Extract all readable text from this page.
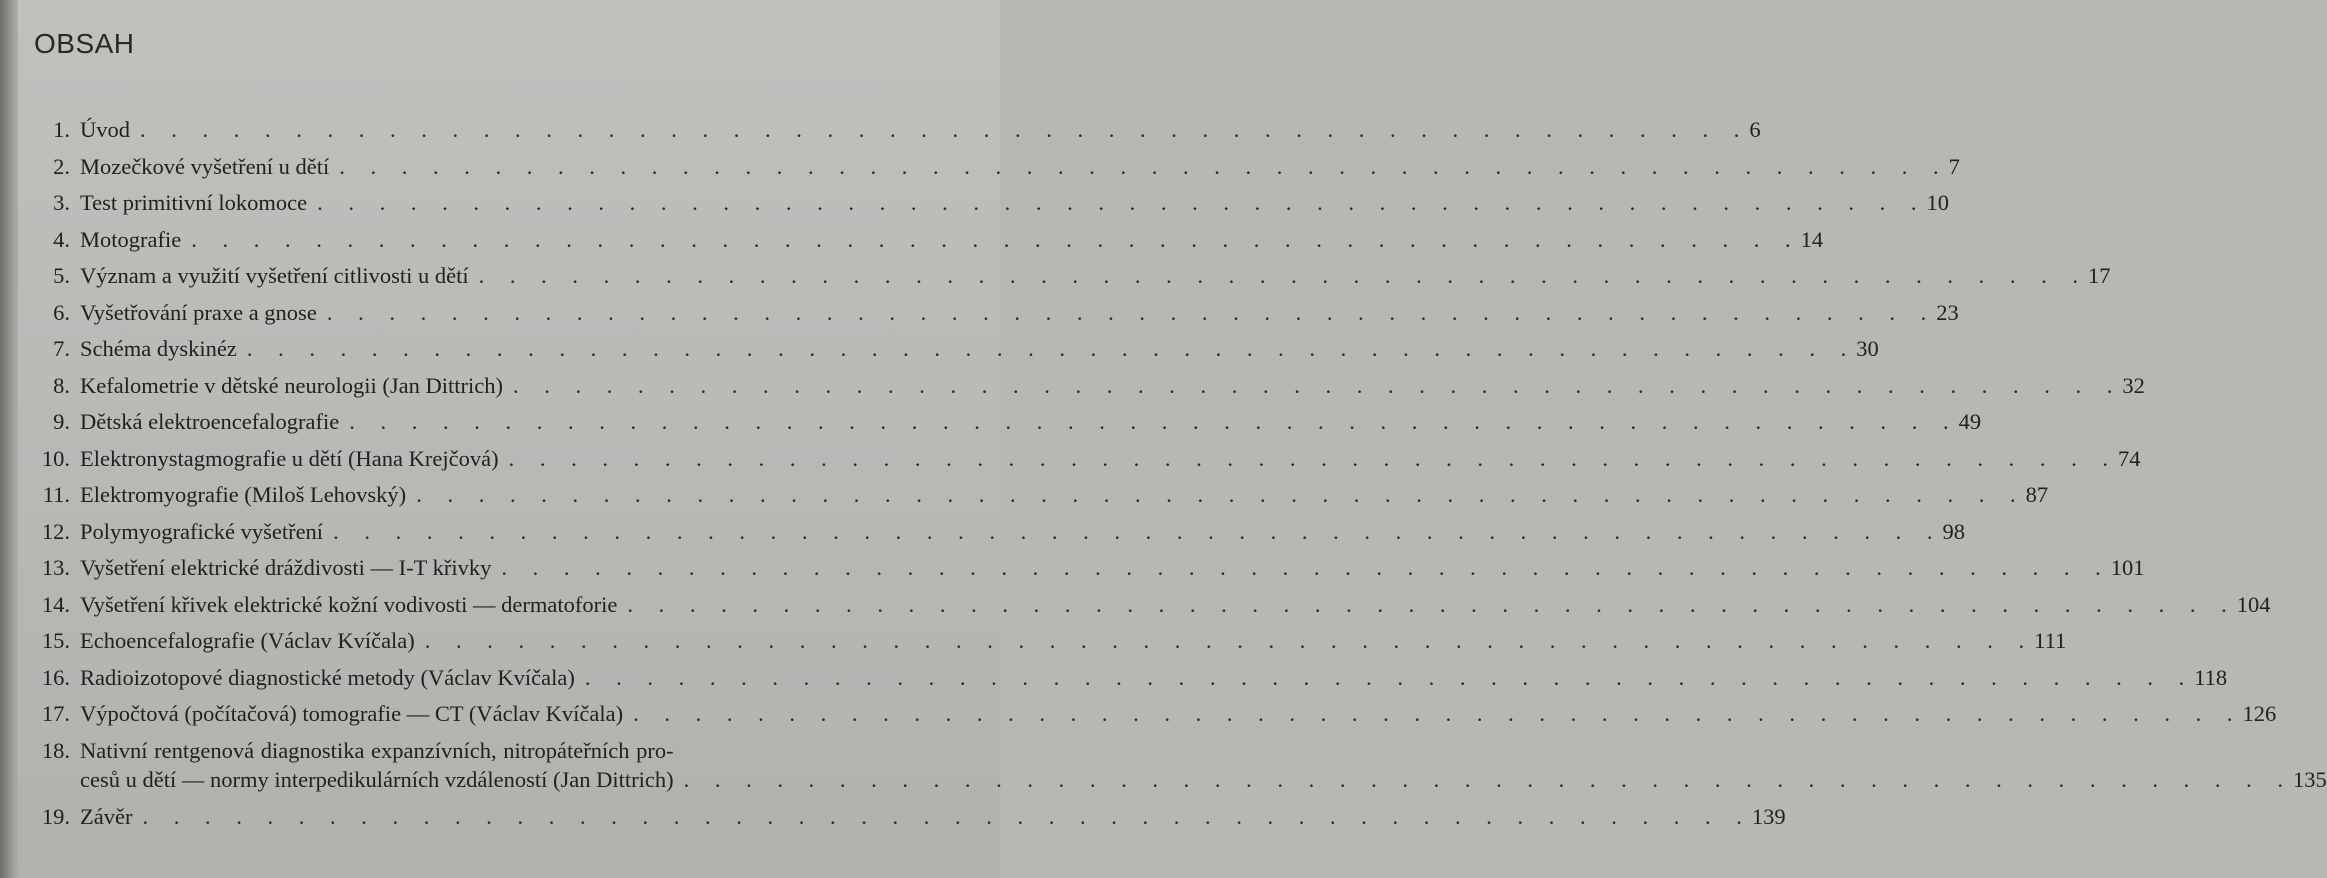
OBSAH
1. Úvod . . . . . . . . . . . . . . . . . . . . . . . . . . . . . . . . . . . . . . . . . . . . . . . . . . . . 6
2. Mozečkové vyšetření u dětí . . . . . . . . . . . . . . . . . . . . . . . . . . . . . . . . . . . . . . . . . . . . . . . . . . . . 7
3. Test primitivní lokomoce . . . . . . . . . . . . . . . . . . . . . . . . . . . . . . . . . . . . . . . . . . . . . . . . . . . . 10
4. Motografie . . . . . . . . . . . . . . . . . . . . . . . . . . . . . . . . . . . . . . . . . . . . . . . . . . . . 14
5. Význam a využití vyšetření citlivosti u dětí . . . . . . . . . . . . . . . . . . . . . . . . . . . . . . . . . . . . . . . . . . . . . . . . . . . . 17
6. Vyšetřování praxe a gnose . . . . . . . . . . . . . . . . . . . . . . . . . . . . . . . . . . . . . . . . . . . . . . . . . . . . 23
7. Schéma dyskinéz . . . . . . . . . . . . . . . . . . . . . . . . . . . . . . . . . . . . . . . . . . . . . . . . . . . . 30
8. Kefalometrie v dětské neurologii (Jan Dittrich) . . . . . . . . . . . . . . . . . . . . . . . . . . . . . . . . . . . . . . . . . . . . . . . . . . . . 32
9. Dětská elektroencefalografie . . . . . . . . . . . . . . . . . . . . . . . . . . . . . . . . . . . . . . . . . . . . . . . . . . . . 49
10. Elektronystagmografie u dětí (Hana Krejčová) . . . . . . . . . . . . . . . . . . . . . . . . . . . . . . . . . . . . . . . . . . . . . . . . . . . . 74
11. Elektromyografie (Miloš Lehovský) . . . . . . . . . . . . . . . . . . . . . . . . . . . . . . . . . . . . . . . . . . . . . . . . . . . . 87
12. Polymyografické vyšetření . . . . . . . . . . . . . . . . . . . . . . . . . . . . . . . . . . . . . . . . . . . . . . . . . . . . 98
13. Vyšetření elektrické dráždivosti — I-T křivky . . . . . . . . . . . . . . . . . . . . . . . . . . . . . . . . . . . . . . . . . . . . . . . . . . . . 101
14. Vyšetření křivek elektrické kožní vodivosti — dermatoforie . . . . . . . . . . . . . . . . . . . . . . . . . . . . . . . . . . . . . . . . . . . . . . . . . . . . 104
15. Echoencefalografie (Václav Kvíčala) . . . . . . . . . . . . . . . . . . . . . . . . . . . . . . . . . . . . . . . . . . . . . . . . . . . . 111
16. Radioizotopové diagnostické metody (Václav Kvíčala) . . . . . . . . . . . . . . . . . . . . . . . . . . . . . . . . . . . . . . . . . . . . . . . . . . . . 118
17. Výpočtová (počítačová) tomografie — CT (Václav Kvíčala) . . . . . . . . . . . . . . . . . . . . . . . . . . . . . . . . . . . . . . . . . . . . . . . . . . . . 126
18. Nativní rentgenová diagnostika expanzívních, nitropáteřních pro-
cesů u dětí — normy interpedikulárních vzdáleností (Jan Dittrich) . . . . . . . . . . . . . . . . . . . . . . . . . . . . . . . . . . . . . . . . . . . . . . . . . . . . 135
19. Závěr . . . . . . . . . . . . . . . . . . . . . . . . . . . . . . . . . . . . . . . . . . . . . . . . . . . . 139
